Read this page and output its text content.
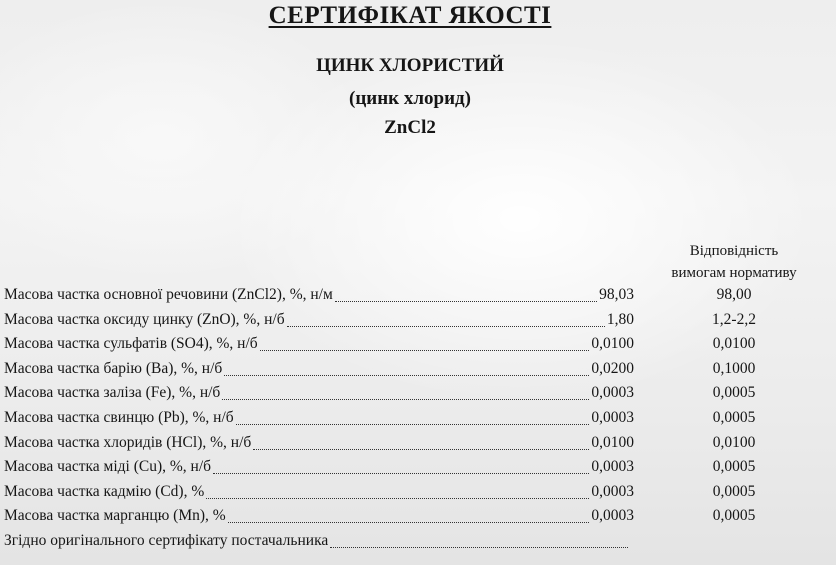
СЕРТИФІКАТ ЯКОСТІ
ЦИНК ХЛОРИСТИЙ
(цинк хлорид)
ZnCl2
Відповідність
вимогам нормативу
Масова частка основної речовини (ZnCl2), %, н/м	98,03	98,00
Масова частка оксиду цинку (ZnO), %, н/б	1,80	1,2-2,2
Масова частка сульфатів (SO4), %, н/б	0,0100	0,0100
Масова частка барію (Ba), %, н/б	0,0200	0,1000
Масова частка заліза (Fe), %, н/б	0,0003	0,0005
Масова частка свинцю (Pb), %, н/б	0,0003	0,0005
Масова частка хлоридів (HCl), %, н/б	0,0100	0,0100
Масова частка міді (Cu), %, н/б	0,0003	0,0005
Масова частка кадмію (Cd), %	0,0003	0,0005
Масова частка марганцю (Mn), %	0,0003	0,0005
Згідно оригінального сертифікату постачальника
